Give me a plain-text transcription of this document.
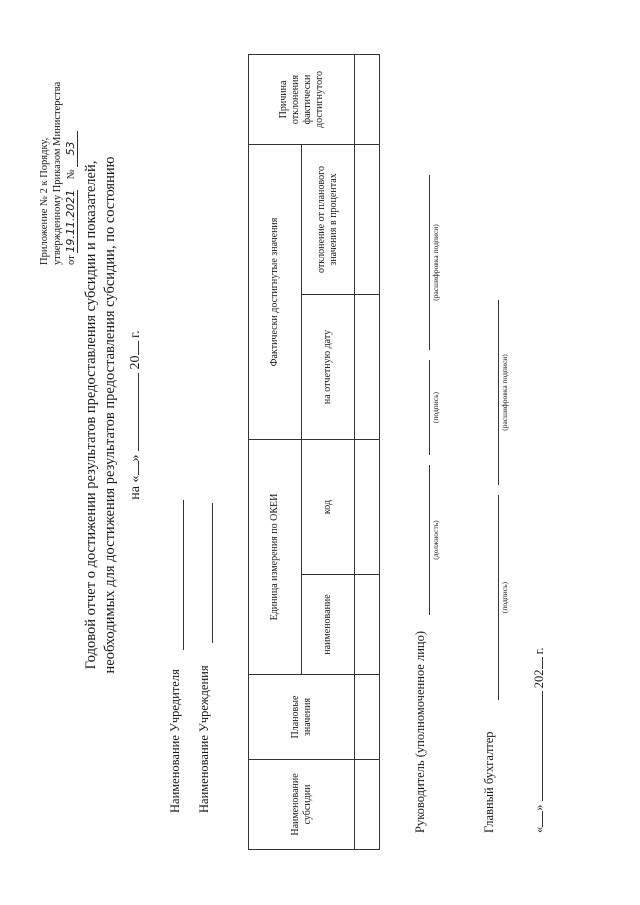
Приложение № 2 к Порядку, утвержденному Приказом Министерства от 19.11.2021    № 53
Годовой отчет о достижении результатов предоставления субсидии и показателей, необходимых для достижения результатов предоставления субсидии, по состоянию на «»  20 г.
Наименование Учредителя Наименование Учреждения	Наименование субсидии	Плановые значения	Единица измерения по ОКЕИ		Фактически достигнутые значения		Причина отклонения фактически достигнутого
		наименование	код	на отчетную дату	отклонение от планового значения в процентах	

Руководитель (уполномоченное лицо)
(должность)
(подпись)
(расшифровка подписи)
Главный бухгалтер
(подпись)
(расшифровка подписи)
«»  202 г.
